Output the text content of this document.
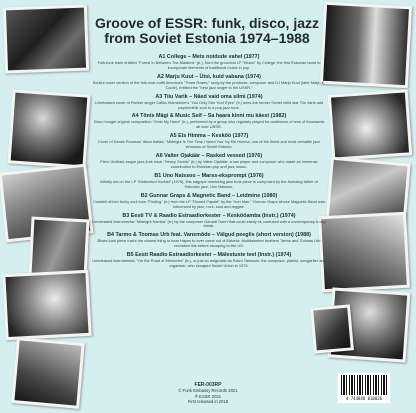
Groove of ESSR: funk, disco, jazz
from Soviet Estonia 1974–1988
A1 College – Mets noidude vahel (1977)
Folk-funk track entitled "Forest In Between The Maidens" (tr.), from the groovical LP "Kiuksi" by College, the first Estonian band to incorporate elements of traditional music in pop.
A2 Marju Kuut – Ütsi, kuid vabana (1974)
Soulful cover version of the folk-rock outfit America's "Three Roses," sung by the producer, composer and DJ Marju Kuut (later Marju K. Coole), entitled the "best jazz singer in the USSR."
A3 Tiiu Varik – Näed vaid oma silmi (1974)
Unreleased cover of Finnish singer Carita Holmström's "You Only See Your Eyes" (tr.) sees the former Soviet child star Tiiu Varik add psychedelic soul to a pop-jazz tune.
A4 Tõnis Mägi & Music Seif – Sa haara kinni mu käest (1982)
Disco boogie original composition "Grab My Hand" (tr.), performed by a group who regularly played for audiences of tens of thousands all over USSR.
A5 Els Himma – Keskõö (1977)
Cover of Demis Roussos' disco ballad, "Midnight Is The Time I Need You" by Els Himma; one of the finest and most versatile jazz virtuosos of Soviet Estonia.
A6 Valter Ojakäär – Rasked vessed (1976)
Piero Umiliani-esque jazz-funk track "Heavy Goods" (tr.) by Valter Ojakäär: a sax player and composer who made an immense contribution to Estonian pop and jazz music.
B1 Uno Naissoo – Marss-eksprompt (1976)
Initially out on the LP "Midsentud Kodust" (1976), this bagpipe mimicking jazz-funk piece is composed by the founding father of Estonian jazz, Uno Naissoo.
B2 Gunnar Graps & Magnetic Band – Leidmine (1980)
Cowbell-driven funky soul tune "Finding" (tr.) from the LP "Roosid Papale" by the "Iron Man," Gunnar Graps whose Magnetic Band was influenced by jazz, rock, soul and reggae.
B3 Eesti TV & Raadio Estraadiorkester – Keskööamba (Instr.) (1974)
Unreleased instrumental "Midnight Samba" (tr.) by the composer Genadi Tumri that could easily be confused with a contemporary b-boy break.
B4 Tarmo & Toomas Urb feat. Vanemõde – Välgud peeglis (short version) (1988)
Blues-funk piece that's the closest thing to hear Hayes to ever come out of Estonia. Multitalented brothers Tarmo and Toomas Urb recorded this before escaping to the US.
B5 Eesti Raadio Estraadiorkester – Mälestuste teel (Instr.) (1974)
Unreleased instrumental, "On the Road of Memories" (tr.), or just so enigmatic as Raivo Tamsock, the composer, pianist, songwriter and organiser, who escaped Soviet Union in 1975.
FER-003RP
© Funk Embassy Records 2021
® ESSR 2021
First released in 2018
4 744848 010026
